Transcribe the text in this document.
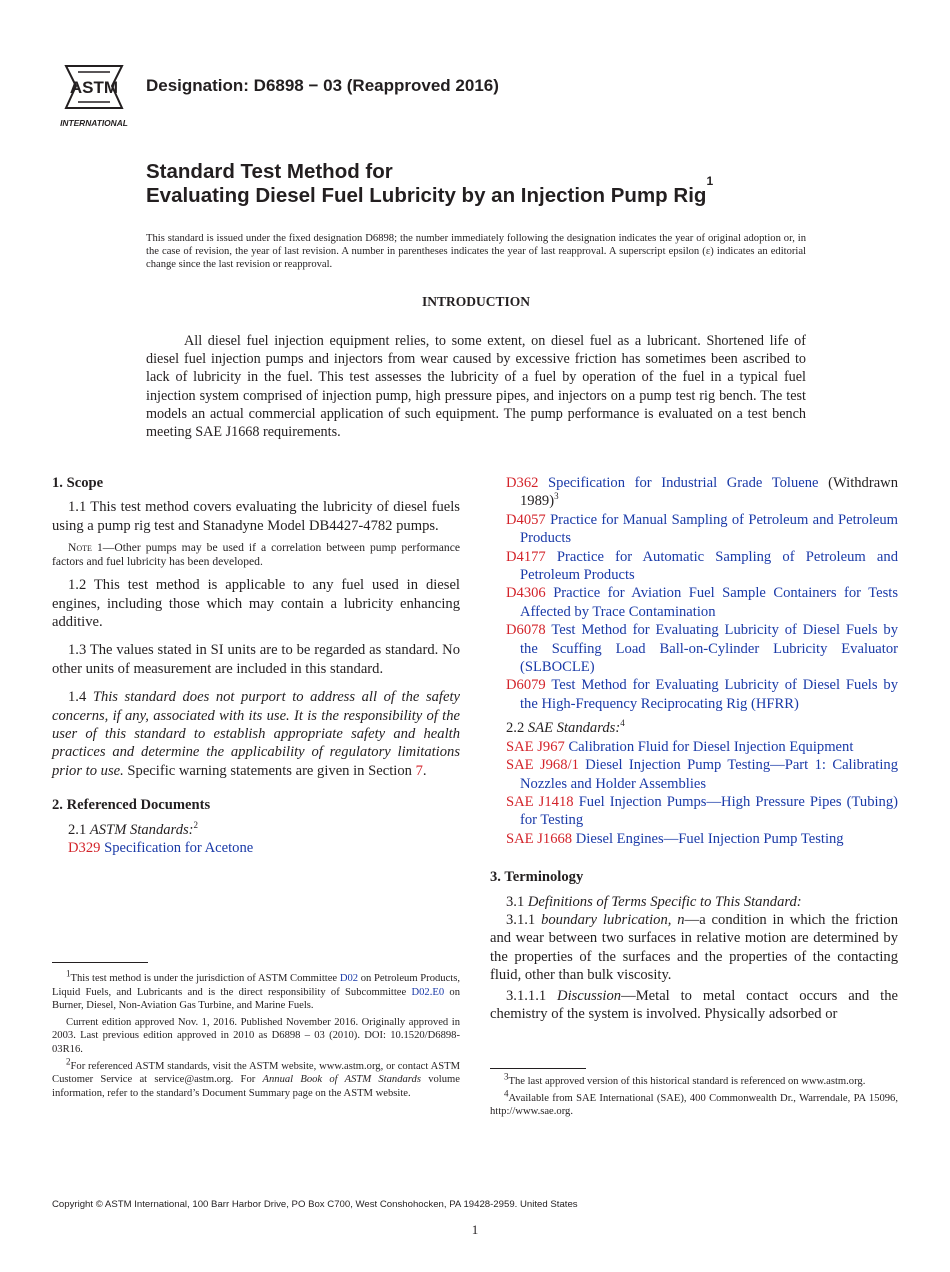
ASTM
INTERNATIONAL
Designation: D6898 − 03 (Reapproved 2016)
Standard Test Method for
Evaluating Diesel Fuel Lubricity by an Injection Pump Rig$^1$
This standard is issued under the fixed designation D6898; the number immediately following the designation indicates the year of original adoption or, in the case of revision, the year of last revision. A number in parentheses indicates the year of last reapproval. A superscript epsilon (ε) indicates an editorial change since the last revision or reapproval.
INTRODUCTION
All diesel fuel injection equipment relies, to some extent, on diesel fuel as a lubricant. Shortened life of diesel fuel injection pumps and injectors from wear caused by excessive friction has sometimes been ascribed to lack of lubricity in the fuel. This test assesses the lubricity of a fuel by operation of the fuel in a typical fuel injection system comprised of injection pump, high pressure pipes, and injectors on a pump test rig bench. The test models an actual commercial application of such equipment. The pump performance is evaluated on a test bench meeting SAE J1668 requirements.
1. Scope

1.1 This test method covers evaluating the lubricity of diesel fuels using a pump rig test and Stanadyne Model DB4427-4782 pumps.

Note 1—Other pumps may be used if a correlation between pump performance factors and fuel lubricity has been developed.

1.2 This test method is applicable to any fuel used in diesel engines, including those which may contain a lubricity enhancing additive.

1.3 The values stated in SI units are to be regarded as standard. No other units of measurement are included in this standard.

1.4 This standard does not purport to address all of the safety concerns, if any, associated with its use. It is the responsibility of the user of this standard to establish appropriate safety and health practices and determine the applicability of regulatory limitations prior to use. Specific warning statements are given in Section 7.

2. Referenced Documents

2.1 ASTM Standards:$^2$

D329 Specification for Acetone

$^1$This test method is under the jurisdiction of ASTM Committee D02 on Petroleum Products, Liquid Fuels, and Lubricants and is the direct responsibility of Subcommittee D02.E0 on Burner, Diesel, Non-Aviation Gas Turbine, and Marine Fuels.

Current edition approved Nov. 1, 2016. Published November 2016. Originally approved in 2003. Last previous edition approved in 2010 as D6898 – 03 (2010). DOI: 10.1520/D6898-03R16.

$^2$For referenced ASTM standards, visit the ASTM website, www.astm.org, or contact ASTM Customer Service at service@astm.org. For Annual Book of ASTM Standards volume information, refer to the standard’s Document Summary page on the ASTM website.

D362 Specification for Industrial Grade Toluene (Withdrawn 1989)$^3$
D4057 Practice for Manual Sampling of Petroleum and Petroleum Products
D4177 Practice for Automatic Sampling of Petroleum and Petroleum Products
D4306 Practice for Aviation Fuel Sample Containers for Tests Affected by Trace Contamination
D6078 Test Method for Evaluating Lubricity of Diesel Fuels by the Scuffing Load Ball-on-Cylinder Lubricity Evaluator (SLBOCLE)
D6079 Test Method for Evaluating Lubricity of Diesel Fuels by the High-Frequency Reciprocating Rig (HFRR)

2.2 SAE Standards:$^4$

SAE J967 Calibration Fluid for Diesel Injection Equipment
SAE J968/1 Diesel Injection Pump Testing—Part 1: Calibrating Nozzles and Holder Assemblies
SAE J1418 Fuel Injection Pumps—High Pressure Pipes (Tubing) for Testing
SAE J1668 Diesel Engines—Fuel Injection Pump Testing
3. Terminology

3.1 Definitions of Terms Specific to This Standard:

3.1.1 boundary lubrication, n—a condition in which the friction and wear between two surfaces in relative motion are determined by the properties of the surfaces and the properties of the contacting fluid, other than bulk viscosity.

3.1.1.1 Discussion—Metal to metal contact occurs and the chemistry of the system is involved. Physically adsorbed or

$^3$The last approved version of this historical standard is referenced on www.astm.org.

$^4$Available from SAE International (SAE), 400 Commonwealth Dr., Warrendale, PA 15096, http://www.sae.org.

Copyright © ASTM International, 100 Barr Harbor Drive, PO Box C700, West Conshohocken, PA 19428-2959. United States
1
